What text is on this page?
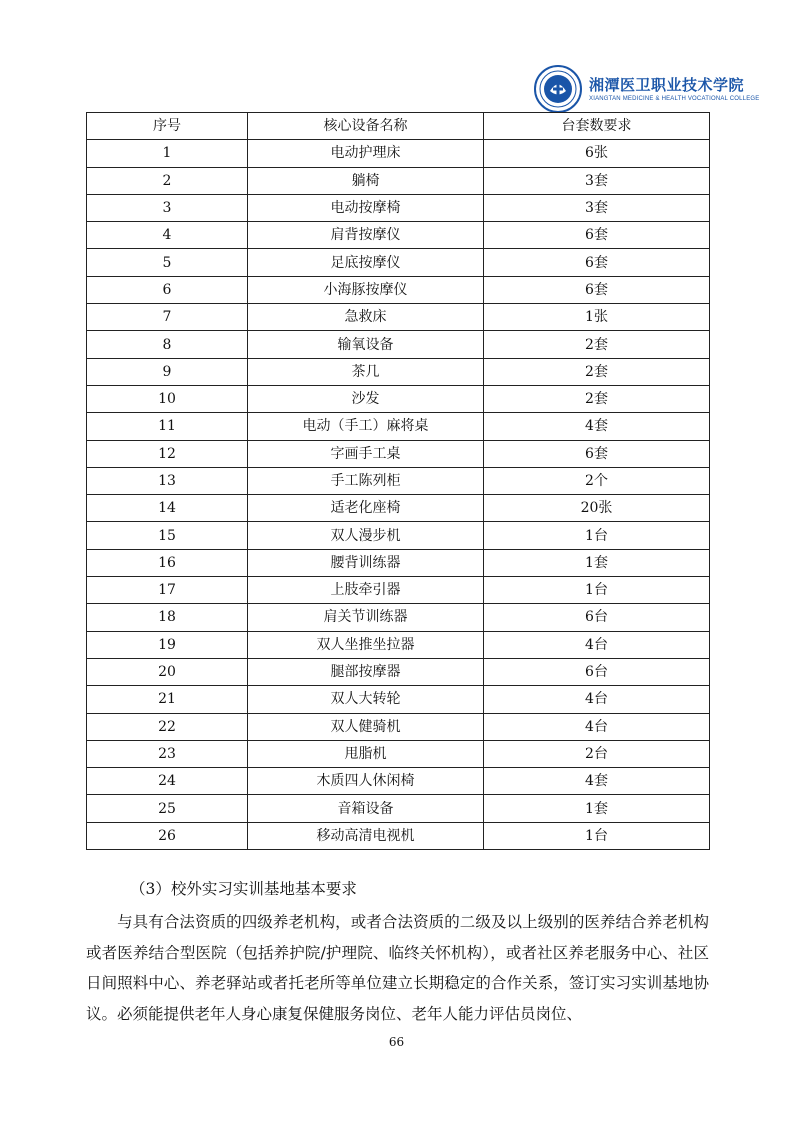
湘潭医卫职业技术学院
XIANGTAN MEDICINE & HEALTH VOCATIONAL COLLEGE
序号	核心设备名称	台套数要求
1	电动护理床	6张
2	躺椅	3套
3	电动按摩椅	3套
4	肩背按摩仪	6套
5	足底按摩仪	6套
6	小海豚按摩仪	6套
7	急救床	1张
8	输氧设备	2套
9	茶几	2套
10	沙发	2套
11	电动（手工）麻将桌	4套
12	字画手工桌	6套
13	手工陈列柜	2个
14	适老化座椅	20张
15	双人漫步机	1台
16	腰背训练器	1套
17	上肢牵引器	1台
18	肩关节训练器	6台
19	双人坐推坐拉器	4台
20	腿部按摩器	6台
21	双人大转轮	4台
22	双人健骑机	4台
23	甩脂机	2台
24	木质四人休闲椅	4套
25	音箱设备	1套
26	移动高清电视机	1台
（3）校外实习实训基地基本要求

与具有合法资质的四级养老机构，或者合法资质的二级及以上级别的医养结合养老机构或者医养结合型医院（包括养护院/护理院、临终关怀机构），或者社区养老服务中心、社区日间照料中心、养老驿站或者托老所等单位建立长期稳定的合作关系，签订实习实训基地协议。必须能提供老年人身心康复保健服务岗位、老年人能力评估员岗位、

66
